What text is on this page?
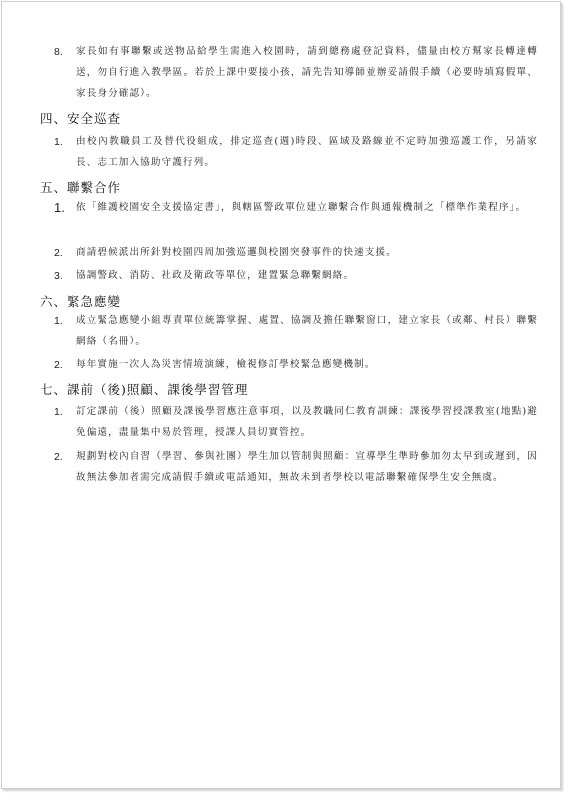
8. 家長如有事聯繫或送物品給學生需進入校園時，請到總務處登記資料，儘量由校方幫家長轉達轉送，勿自行進入教學區。若於上課中要接小孩，請先告知導師並辦妥請假手續（必要時填寫假單、家長身分確認）。
四、安全巡查
1. 由校內教職員工及替代役組成，排定巡查(週)時段、區域及路線並不定時加強巡護工作，另請家長、志工加入協助守護行列。
五、聯繫合作
1. 依「維護校園安全支援協定書」，與轄區警政單位建立聯繫合作與通報機制之「標準作業程序」。
2. 商請碧候派出所針對校園四周加強巡邏與校園突發事件的快速支援。
3. 協調警政、消防、社政及衛政等單位，建置緊急聯繫網絡。
六、緊急應變
1. 成立緊急應變小組專責單位統籌掌握、處置、協調及擔任聯繫窗口，建立家長（或鄰、村長）聯繫網絡（名冊）。
2. 每年實施一次人為災害情境演練，檢視修訂學校緊急應變機制。
七、課前（後)照顧、課後學習管理
1. 訂定課前（後）照顧及課後學習應注意事項，以及教職同仁教育訓練：課後學習授課教室(地點)避免偏遠，盡量集中易於管理，授課人員切實管控。
2. 規劃對校內自習（學習、參與社團）學生加以管制與照顧：宣導學生準時參加勿太早到或遲到，因故無法參加者需完成請假手續或電話通知，無故未到者學校以電話聯繫確保學生安全無虞。
